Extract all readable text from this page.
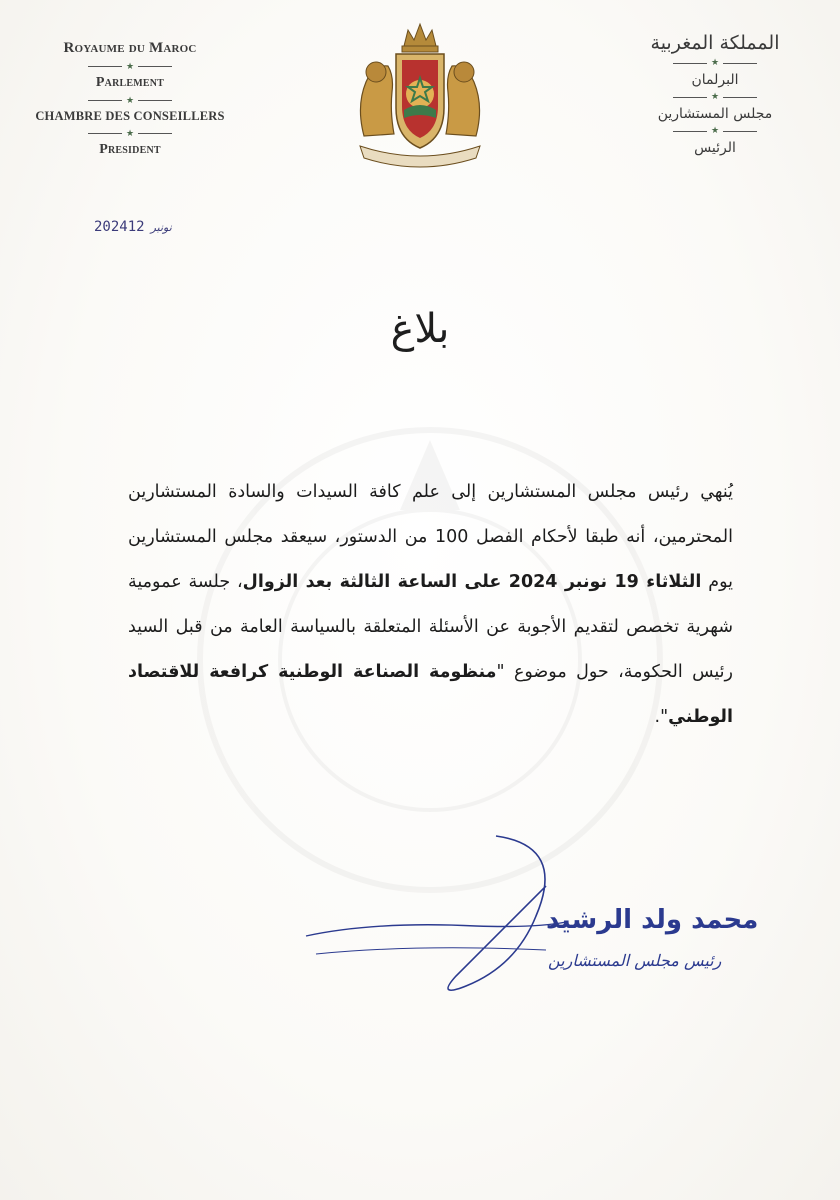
Royaume du Maroc
★
Parlement
★
CHAMBRE DES CONSEILLERS
★
President
المملكة المغربية
★
البرلمان
★
مجلس المستشارين
★
الرئيس
2024 نونبر12
بلاغ

يُنهي رئيس مجلس المستشارين إلى علم كافة السيدات والسادة المستشارين المحترمين، أنه طبقا لأحكام الفصل 100 من الدستور، سيعقد مجلس المستشارين يوم الثلاثاء 19 نونبر 2024 على الساعة الثالثة بعد الزوال، جلسة عمومية شهرية تخصص لتقديم الأجوبة عن الأسئلة المتعلقة بالسياسة العامة من قبل السيد رئيس الحكومة، حول موضوع "منظومة الصناعة الوطنية كرافعة للاقتصاد الوطني".

محمد ولد الرشيد
رئيس مجلس المستشارين
